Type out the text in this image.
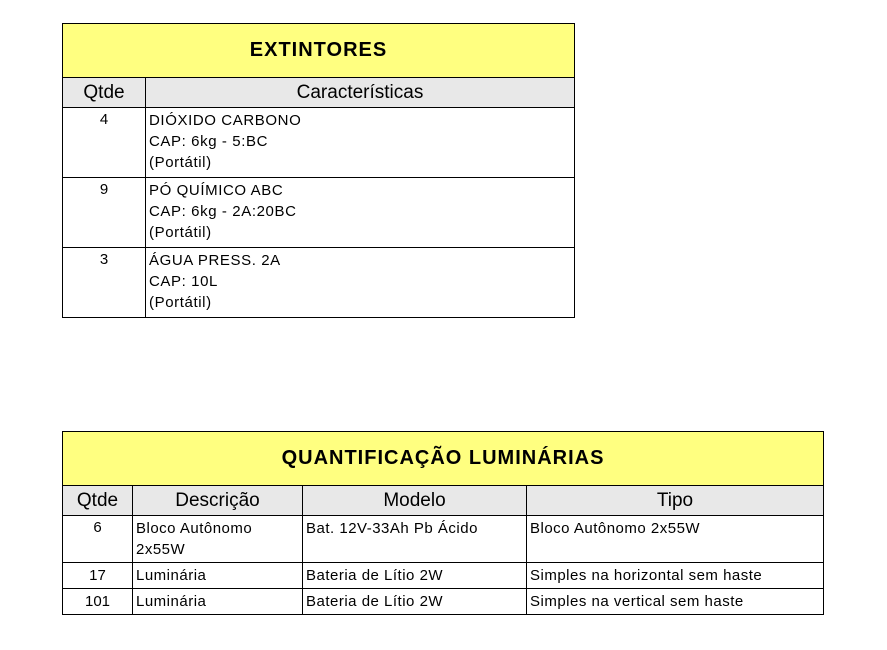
EXTINTORES	
Qtde	Características
4	DIÓXIDO CARBONO
CAP: 6kg - 5:BC
(Portátil)

9	PÓ QUÍMICO ABC
CAP: 6kg - 2A:20BC
(Portátil)

3	ÁGUA PRESS. 2A
CAP: 10L
(Portátil)
QUANTIFICAÇÃO LUMINÁRIAS			
Qtde	Descrição	Modelo	Tipo
6	Bloco Autônomo 2x55W	Bat. 12V-33Ah Pb Ácido	Bloco Autônomo 2x55W
17	Luminária	Bateria de Lítio 2W	Simples na horizontal sem haste
101	Luminária	Bateria de Lítio 2W	Simples na vertical sem haste
